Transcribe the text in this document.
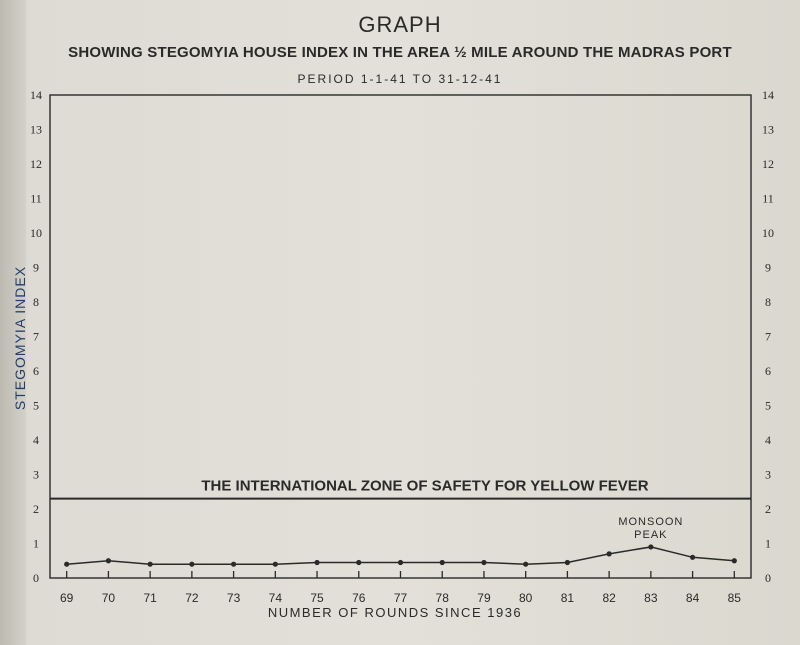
GRAPH
SHOWING STEGOMYIA HOUSE INDEX IN THE AREA ½ MILE AROUND THE MADRAS PORT
PERIOD 1-1-41 TO 31-12-41
STEGOMYIA INDEX
0
1
2
3
4
5
6
7
8
9
10
11
12
13
14
0
1
2
3
4
5
6
7
8
9
10
11
12
13
14
69 70 71 72 73 74 75 76 77 78 79 80 81 82 83 84 85
THE INTERNATIONAL ZONE OF SAFETY FOR YELLOW FEVER
MONSOON
PEAK
NUMBER OF ROUNDS SINCE 1936
